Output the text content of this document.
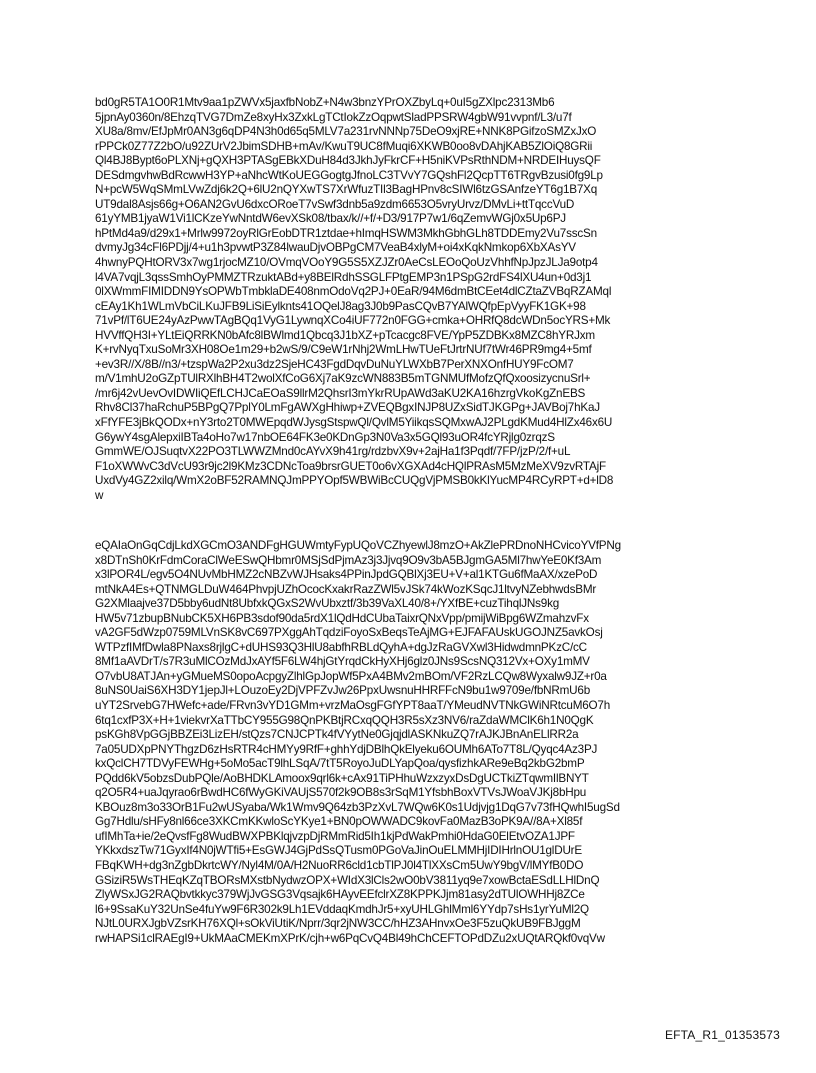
bd0gR5TA1O0R1Mtv9aa1pZWVx5jaxfbNobZ+N4w3bnzYPrOXZbyLq+0uI5gZXlpc2313Mb6
5jpnAy0360n/8EhzqTVG7DmZe8xyHx3ZxkLgTCtIokZzOqpwtSladPPSRW4gbW91vvpnf/L3/u7f
XU8a/8mv/EfJpMr0AN3g6qDP4N3h0d65q5MLV7a231rvNNNp75DeO9xjRE+NNK8PGifzoSMZxJxO
rPPCk0Z77Z2bO/u92ZUrV2JbimSDHB+mAv/KwuT9UC8fMuqi6XKWB0oo8vDAhjKAB5ZlOiQ8GRii
Ql4BJ8Bypt6oPLXNj+gQXH3PTASgEBkXDuH84d3JkhJyFkrCF+H5niKVPsRthNDM+NRDEIHuysQF
DESdmgvhwBdRcwwH3YP+aNhcWtKoUEGGogtgJfnoLC3TVvY7GQshFl2QcpTT6TRgvBzusi0fg9Lp
N+pcW5WqSMmLVwZdj6k2Q+6lU2nQYXwTS7XrWfuzTIl3BagHPnv8cSIWl6tzGSAnfzeYT6g1B7Xq
UT9dal8Asjs66g+O6AN2GvU6dxcORoeT7vSwf3dnb5a9zdm6653O5vryUrvz/DMvLi+ttTqccVuD
61yYMB1jyaW1Vi1lCKzeYwNntdW6evXSk08/tbax/k//+f/+D3/917P7w1/6qZemvWGj0x5Up6PJ
hPtMd4a9/d29x1+Mrlw9972oyRlGrEobDTR1ztdae+hImqHSWM3MkhGbhGLh8TDDEmy2Vu7sscSn
dvmyJg34cFl6PDjj/4+u1h3pvwtP3Z84lwauDjvOBPgCM7VeaB4xlyM+oi4xKqkNmkop6XbXAsYV
4hwnyPQHtORV3x7wg1rjocMZ10/OVmqVOoY9G5S5XZJZr0AeCsLEOoQoUzVhhfNpJpzJLJa9otp4
l4VA7vqjL3qssSmhOyPMMZTRzuktABd+y8BElRdhSSGLFPtgEMP3n1PSpG2rdFS4lXU4un+0d3j1
0lXWmmFIMIDDN9YsOPWbTmbklaDE408nmOdoVq2PJ+0EaR/94M6dmBtCEet4dlCZtaZVBqRZAMql
cEAy1Kh1WLmVbCiLKuJFB9LiSiEylknts41OQelJ8ag3J0b9PasCQvB7YAlWQfpEpVyyFK1GK+98
71vPf/lT6UE24yAzPwwTAgBQq1VyG1LywnqXCo4iUF772n0FGG+cmka+OHRfQ8dcWDn5ocYRS+Mk
HVVffQH3I+YLtEiQRRKN0bAfc8lBWlmd1Qbcq3J1bXZ+pTcacgc8FVE/YpP5ZDBKx8MZC8hYRJxm
K+rvNyqTxuSoMr3XH08Oe1m29+b2wS/9/C9eW1rNhj2WmLHwTUeFtJrtrNUf7tWr46PR9mg4+5mf
+ev3R//X/8B//n3/+tzspWa2P2xu3dz2SjeHC43FgdDqvDuNuYLWXbB7PerXNXOnfHUY9FcOM7
m/V1mhU2oGZpTUlRXlhBH4T2wolXfCoG6Xj7aK9zcWN883B5mTGNMUfMofzQfQxoosizycnuSrl+
/mr6j42vUevOvIDWIiQEfLCHJCaEOaS9llrM2QhsrI3mYkrRUpAWd3aKU2KA16hzrgVkoKgZnEBS
Rhv8Cl37haRchuP5BPgQ7PplY0LmFgAWXgHhiwp+ZVEQBgxINJP8UZxSidTJKGPg+JAVBoj7hKaJ
xFfYFE3jBkQODx+nY3rto2T0MWEpqdWJysgStspwQl/QvlM5YiikqsSQMxwAJ2PLgdKMud4HlZx46x6U
G6ywY4sgAlepxiIBTa4oHo7w17nbOE64FK3e0KDnGp3N0Va3x5GQl93uOR4fcYRjlg0zrqzS
GmmWE/OJSuqtvX22PO3TLWWZMnd0cAYvX9h41rg/rdzbvX9v+2ajHa1f3Pqdf/7FP/jzP/2/f+uL
F1oXWWvC3dVcU93r9jc2l9KMz3CDNcToa9brsrGUET0o6vXGXAd4cHQlPRAsM5MzMeXV9zvRTAjF
UxdVy4GZ2xilq/WmX2oBF52RAMNQJmPPYOpf5WBWiBcCUQgVjPMSB0kKlYucMP4RCyRPT+d+lD8
w
eQAIaOnGqCdjLkdXGCmO3ANDFgHGUWmtyFypUQoVCZhyewlJ8mzO+AkZlePRDnoNHCvicoYVfPNg
x8DTnSh0KrFdmCoraClWeESwQHbmr0MSjSdPjmAz3j3Jjvq9O9v3bA5BJgmGA5Ml7hwYeE0Kf3Am
x3lPOR4L/egv5O4NUvMbHMZ2cNBZvWJHsaks4PPinJpdGQBlXj3EU+V+al1KTGu6fMaAX/xzePoD
mtNkA4Es+QTNMGLDuW464PhvpjUZhOcocKxakrRazZWl5vJSk74kWozKSqcJ1ltvyNZebhwdsBMr
G2XMlaajve37D5bby6udNt8UbfxkQGxS2WvUbxztf/3b39VaXL40/8+/YXfBE+cuzTihqlJNs9kg
HW5v71zbupBNubCK5XH6PB3sdof90da5rdX1lQdHdCUbaTaixrQNxVpp/pmijWiBpg6WZmahzvFx
vA2GF5dWzp0759MLVnSK8vC697PXggAhTqdziFoyoSxBeqsTeAjMG+EJFAFAUskUGOJNZ5avkOsj
WTPzfIMfDwla8PNaxs8rjlgC+dUHS93Q3HlU8abfhRBLdQyhA+dgJzRaGVXwl3HidwdmnPKzC/cC
8Mf1aAVDrT/s7R3uMlCOzMdJxAYf5F6LW4hjGtYrqdCkHyXHj6glz0JNs9ScsNQ312Vx+OXy1mMV
O7vbU8ATJAn+yGMueMS0opoAcpgyZlhlGpJopWf5PxA4BMv2mBOm/VF2RzLCQw8Wyxalw9JZ+r0a
8uNS0UaiS6XH3DY1jepJl+LOuzoEy2DjVPFZvJw26PpxUwsnuHHRFFcN9bu1w9709e/fbNRmU6b
uYT2SrvebG7HWefc+ade/FRvn3vYD1GMm+vrzMaOsgFGfYPT8aaT/YMeudNVTNkGWiNRtcuM6O7h
6tq1cxfP3X+H+1viekvrXaTTbCY955G98QnPKBtjRCxqQQH3R5sXz3NV6/raZdaWMClK6h1N0QgK
psKGh8VpGGjBBZEi3LizEH/stQzs7CNJCPTk4fVYytNe0GjqjdlASKNkuZQ7rAJKJBnAnELlRR2a
7a05UDXpPNYThgzD6zHsRTR4cHMYy9RfF+ghhYdjDBlhQkElyeku6OUMh6ATo7T8L/Qyqc4Az3PJ
kxQclCH7TDVyFEWHg+5oMo5acT9lhLSqA/7tT5RoyoJuDLYapQoa/qysfizhkARe9eBq2kbG2bmP
PQdd6kV5obzsDubPQle/AoBHDKLAmoox9qrl6k+cAx91TiPHhuWzxzyxDsDgUCTkiZTqwmIlBNYT
q2O5R4+uaJqyrao6rBwdHC6fWyGKiVAUjS570f2k9OB8s3rSqM1YfsbhBoxVTVsJWoaVJKj8bHpu
KBOuz8m3o33OrB1Fu2wUSyaba/Wk1Wmv9Q64zb3PzXvL7WQw6K0s1Udjvjg1DqG7v73fHQwhI5ugSd
Gg7Hdlu/sHFy8nl66ce3XKCmKKwloScYKye1+BN0pOWWADC9kovFa0MazB3oPK9A//8A+Xl85f
ufIMhTa+ie/2eQvsfFg8WudBWXPBKlqjvzpDjRMmRid5Ih1kjPdWakPmhi0HdaG0ElEtvOZA1JPF
YKkxdszTw71GyxIf4N0jWTfi5+EsGWJ4GjPdSsQTusm0PGoVaJinOuELMMHjIDIHrlnOU1glDUrE
FBqKWH+dg3nZgbDkrtcWY/Nyl4M/0A/H2NuoRR6cld1cbTlPJ0l4TlXXsCm5UwY9bgV/lMYfB0DO
GSiziR5WsTHEqKZqTBORsMXstbNydwzOPX+WIdX3lCls2wO0bV3811yq9e7xowBctaESdLLHlDnQ
ZlyWSxJG2RAQbvtkkyc379WjJvGSG3Vqsajk6HAyvEEfclrXZ8KPPKJjm81asy2dTUlOWHHj8ZCe
l6+9SsaKuY32UnSe4fuYw9F6R302k9Lh1EVddaqKmdhJr5+xyUHLGhlMml6YYdp7sHs1yrYuMl2Q
NJtL0URXJgbVZsrKH76XQl+sOkViUtiK/Nprr/3qr2jNW3CC/hHZ3AHnvxOe3F5zuQkUB9FBJggM
rwHAPSi1clRAEgI9+UkMAaCMEKmXPrK/cjh+w6PqCvQ4Bl49hChCEFTOPdDZu2xUQtARQkf0vqVw
EFTA_R1_01353573
